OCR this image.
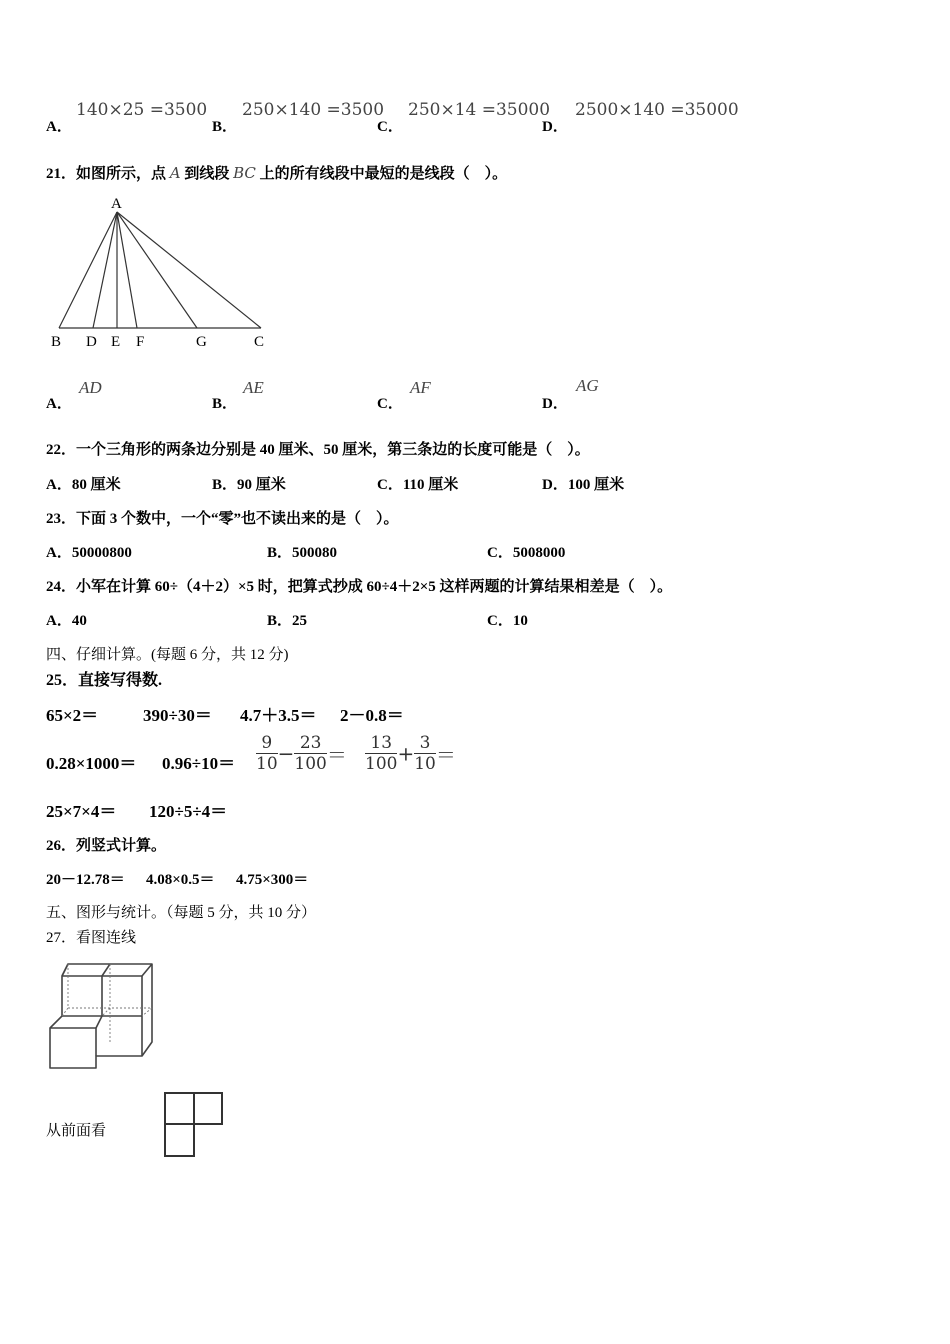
A．
140×25 =3500
B．
250×140 =3500
C．
250×14 =35000
D．
2500×140 =35000
21．如图所示，点 A 到线段 BC 上的所有线段中最短的是线段（　）。
A
B D E F	G	C
A．
AD
B．
AE
C．
AF
D．
AG
22．一个三角形的两条边分别是 40 厘米、50 厘米，第三条边的长度可能是（　）。
A．80 厘米	B．90 厘米	C．110 厘米	D．100 厘米
23．下面 3 个数中，一个“零”也不读出来的是（　）。
A．50000800	B．500080	C．5008000
24．小军在计算 60÷（4＋2）×5 时，把算式抄成 60÷4＋2×5 这样两题的计算结果相差是（　）。
A．40	B．25	C．10
四、仔细计算。(每题 6 分，共 12 分)
25．直接写得数.
65×2＝	390÷30＝ 4.7＋3.5＝ 2－0.8＝
$0.28\times 1000= 0.96\div 10= \frac{9}{10} - \frac{23}{100} = \frac{13}{100} + \frac{3}{10}$ ＝
25×7×4＝ 120÷5÷4＝
26．列竖式计算。
20－12.78＝ 4.08×0.5＝ 4.75×300＝
五、图形与统计。（每题 5 分，共 10 分）
27．看图连线
从前面看
